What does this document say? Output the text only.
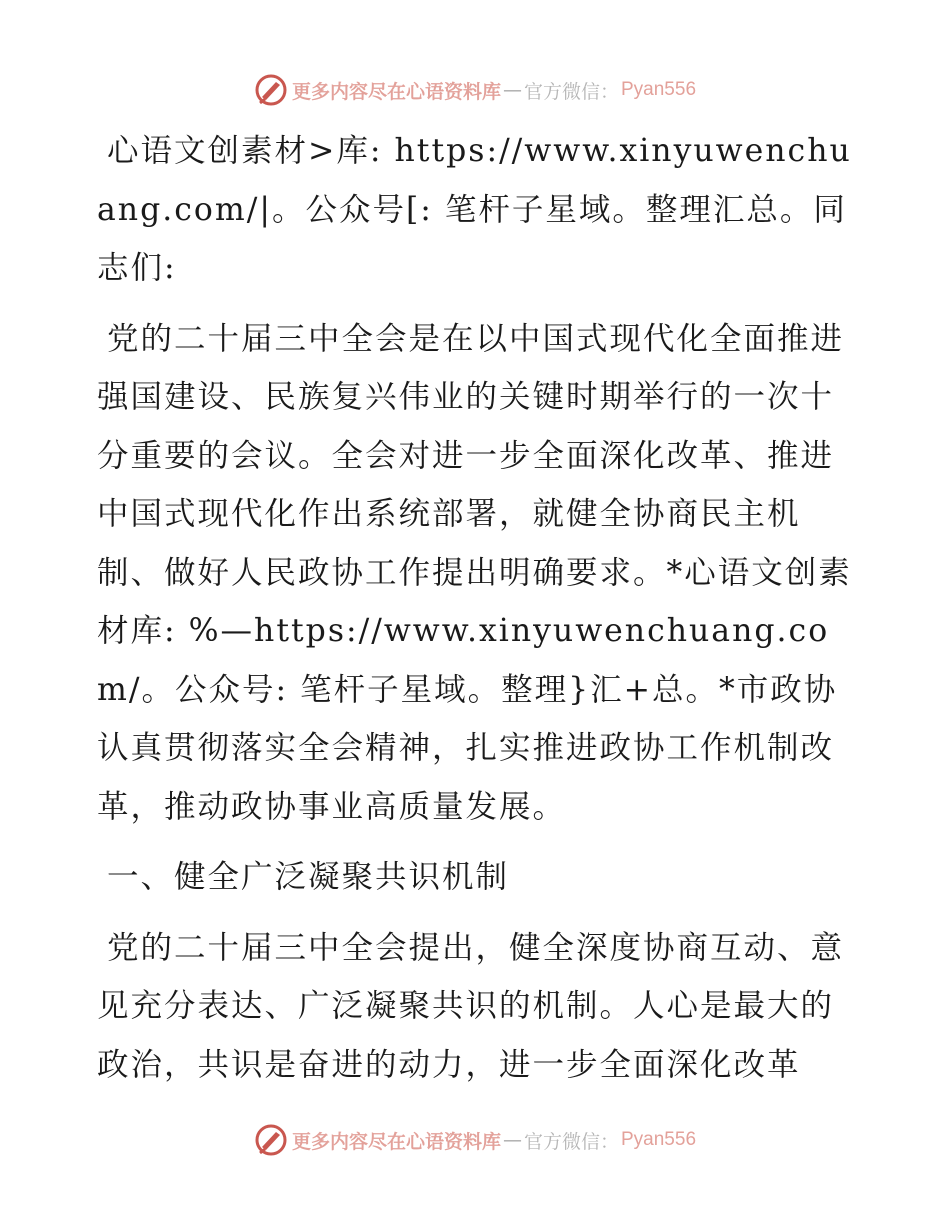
更多内容尽在心语资料库 — 官方微信： Pyan556

心语文创素材>库: https://www.xinyuwenchuang.com/|。公众号[: 笔杆子星域。整理汇总。同志们:

党的二十届三中全会是在以中国式现代化全面推进强国建设、民族复兴伟业的关键时期举行的一次十分重要的会议。全会对进一步全面深化改革、推进中国式现代化作出系统部署，就健全协商民主机制、做好人民政协工作提出明确要求。*心语文创素材库: %—https://www.xinyuwenchuang.com/。公众号: 笔杆子星域。整理}汇+总。*市政协认真贯彻落实全会精神，扎实推进政协工作机制改革，推动政协事业高质量发展。

一、健全广泛凝聚共识机制

党的二十届三中全会提出，健全深度协商互动、意见充分表达、广泛凝聚共识的机制。人心是最大的政治，共识是奋进的动力，进一步全面深化改革

更多内容尽在心语资料库 — 官方微信： Pyan556
